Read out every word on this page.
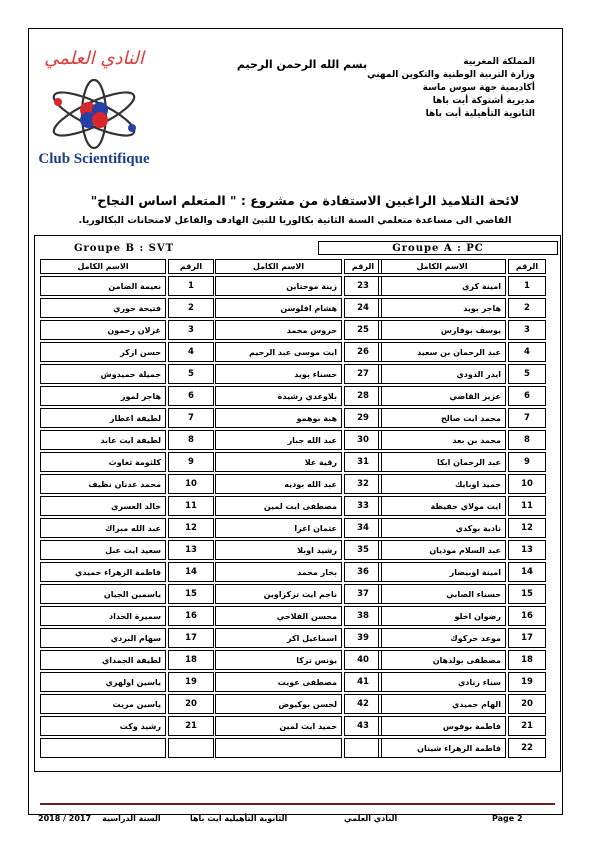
المملكة المغربية
وزارة التربية الوطنية والتكوين المهني
أكاديمية جهة سوس ماسة
مديرية أشتوكة أيت باها
الثانوية التأهيلية أيت باها
بسم الله الرحمن الرحيم
النادي العلمي
Club Scientifique
لائحة التلاميذ الراغبين الاستفادة من مشروع : " المتعلم اساس النجاح"
القاضي الى مساعدة متعلمي السنة الثانية بكالوريا للتبئ الهادف والفاعل لامتحانات البكالوريا.
Groupe A : PC
Groupe B : SVT
الرقم	الاسم الكامل
1	امينة كري
2	هاجر بويد
3	يوسف بوفارس
4	عبد الرحمان بن سعيد
5	ايدر الدودي
6	عزيز القاضي
7	محمد ايت صالح
8	محمد بن بعد
9	عبد الرحمان ابكا
10	حميد اوبايك
11	ايت مولاي حفيظة
12	نادية بوكدي
13	عبد السلام موديان
14	امينة اوبيضار
15	حسناء الصابي
16	رضوان اخلو
17	موعد حركوك
18	مصطفى بولدهان
19	سناء زنادي
20	الهام حميدي
21	فاطمة بوفوس
22	فاطمة الزهراء شينان
الرقم	الاسم الكامل
23	زينة موحتاين
24	هشام افلوسن
25	حروس محمد
26	ايت موسى عبد الرحيم
27	حسناء بويد
28	بلاوعدي رشيدة
29	هبة بوهمو
30	عبد الله جبار
31	رقية علا
32	عبد الله بوديه
33	مصطفى ايت لمين
34	عثمان اعزا
35	رشيد اوبلا
36	بخار محمد
37	ناجم ايت تزكزاوين
38	محسن الفلاحي
39	اسماعيل اكر
40	يونس تزكا
41	مصطفى عويت
42	لحسن بوكيوض
43	حميد ايت لمين

الرقم	الاسم الكامل
1	نعيمة الضامن
2	فتيحة حوري
3	غزلان رحمون
4	حسن ازكر
5	جميلة حميدوش
6	هاجر لموز
7	لطيفة اعطار
8	لطيفة ايت عابد
9	كلثومة ثغاوث
10	محمد عدنان نظيف
11	خالد العسري
12	عبد الله مبراك
13	سعيد ايت عبل
14	فاطمة الزهراء حميدي
15	ياسمين الجيان
16	سميرة الحداد
17	سهام البردي
18	لطيفة الجمداي
19	ياسين اولهري
20	ياسين مريت
21	رشيد وكت

Page 2
النادي العلمي
الثانوية التأهيلية ايت باها
2018 / 2017 السنة الدراسية
